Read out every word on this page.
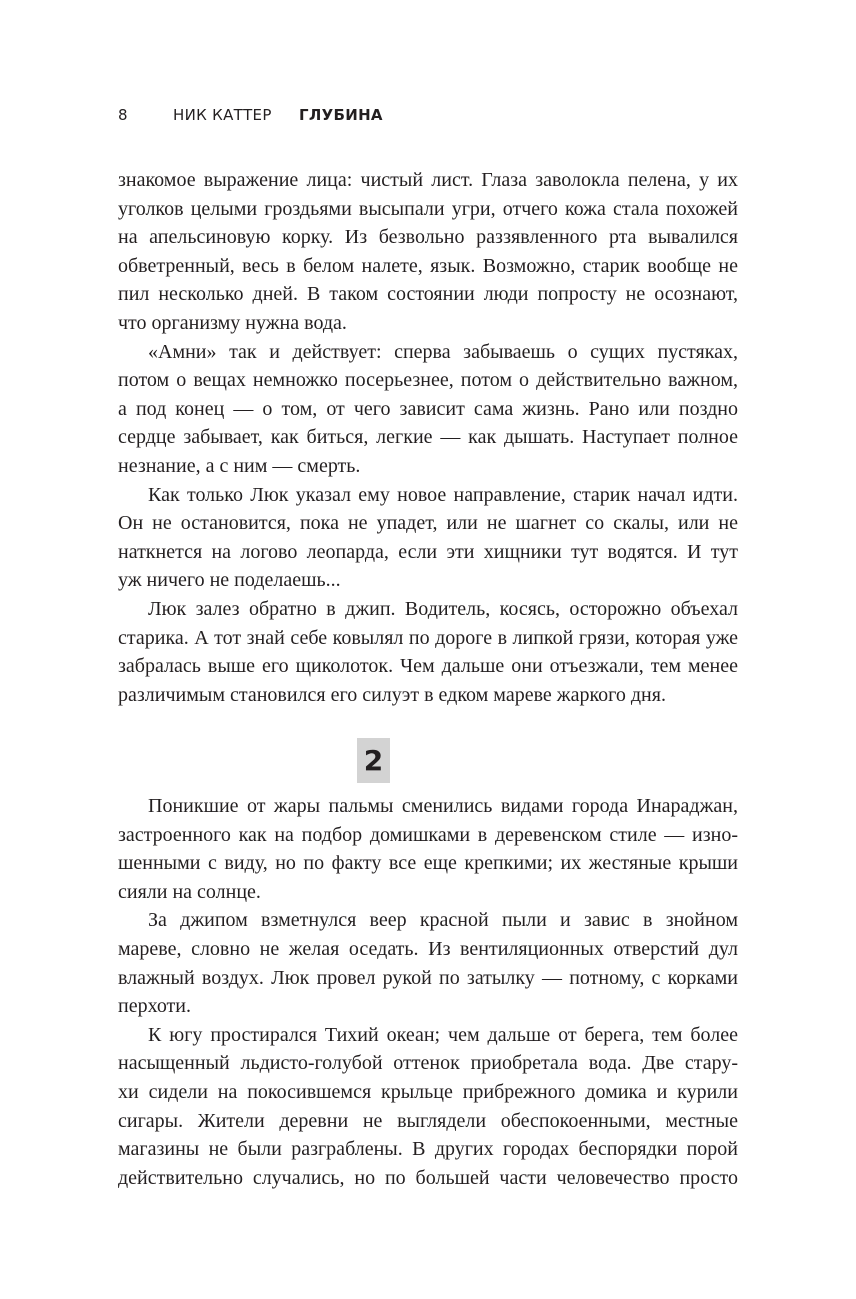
8	НИК КАТТЕР ГЛУБИНА
знакомое выражение лица: чистый лист. Глаза заволокла пелена, у их
уголков целыми гроздьями высыпали угри, отчего кожа стала похожей
на апельсиновую корку. Из безвольно раззявленного рта вывалился
обветренный, весь в белом налете, язык. Возможно, старик вообще не
пил несколько дней. В таком состоянии люди попросту не осознают,
что организму нужна вода.
«Амни» так и действует: сперва забываешь о сущих пустяках,
потом о вещах немножко посерьезнее, потом о действительно важном,
а под конец — о том, от чего зависит сама жизнь. Рано или поздно
сердце забывает, как биться, легкие — как дышать. Наступает полное
незнание, а с ним — смерть.
Как только Люк указал ему новое направление, старик начал идти.
Он не остановится, пока не упадет, или не шагнет со скалы, или не
наткнется на логово леопарда, если эти хищники тут водятся. И тут
уж ничего не поделаешь...
Люк залез обратно в джип. Водитель, косясь, осторожно объехал
старика. А тот знай себе ковылял по дороге в липкой грязи, которая уже
забралась выше его щиколоток. Чем дальше они отъезжали, тем менее
различимым становился его силуэт в едком мареве жаркого дня.
2
Поникшие от жары пальмы сменились видами города Инараджан,
застроенного как на подбор домишками в деревенском стиле — изно-
шенными с виду, но по факту все еще крепкими; их жестяные крыши
сияли на солнце.
За джипом взметнулся веер красной пыли и завис в знойном
мареве, словно не желая оседать. Из вентиляционных отверстий дул
влажный воздух. Люк провел рукой по затылку — потному, с корками
перхоти.
К югу простирался Тихий океан; чем дальше от берега, тем более
насыщенный льдисто-голубой оттенок приобретала вода. Две стару-
хи сидели на покосившемся крыльце прибрежного домика и курили
сигары. Жители деревни не выглядели обеспокоенными, местные
магазины не были разграблены. В других городах беспорядки порой
действительно случались, но по большей части человечество просто
